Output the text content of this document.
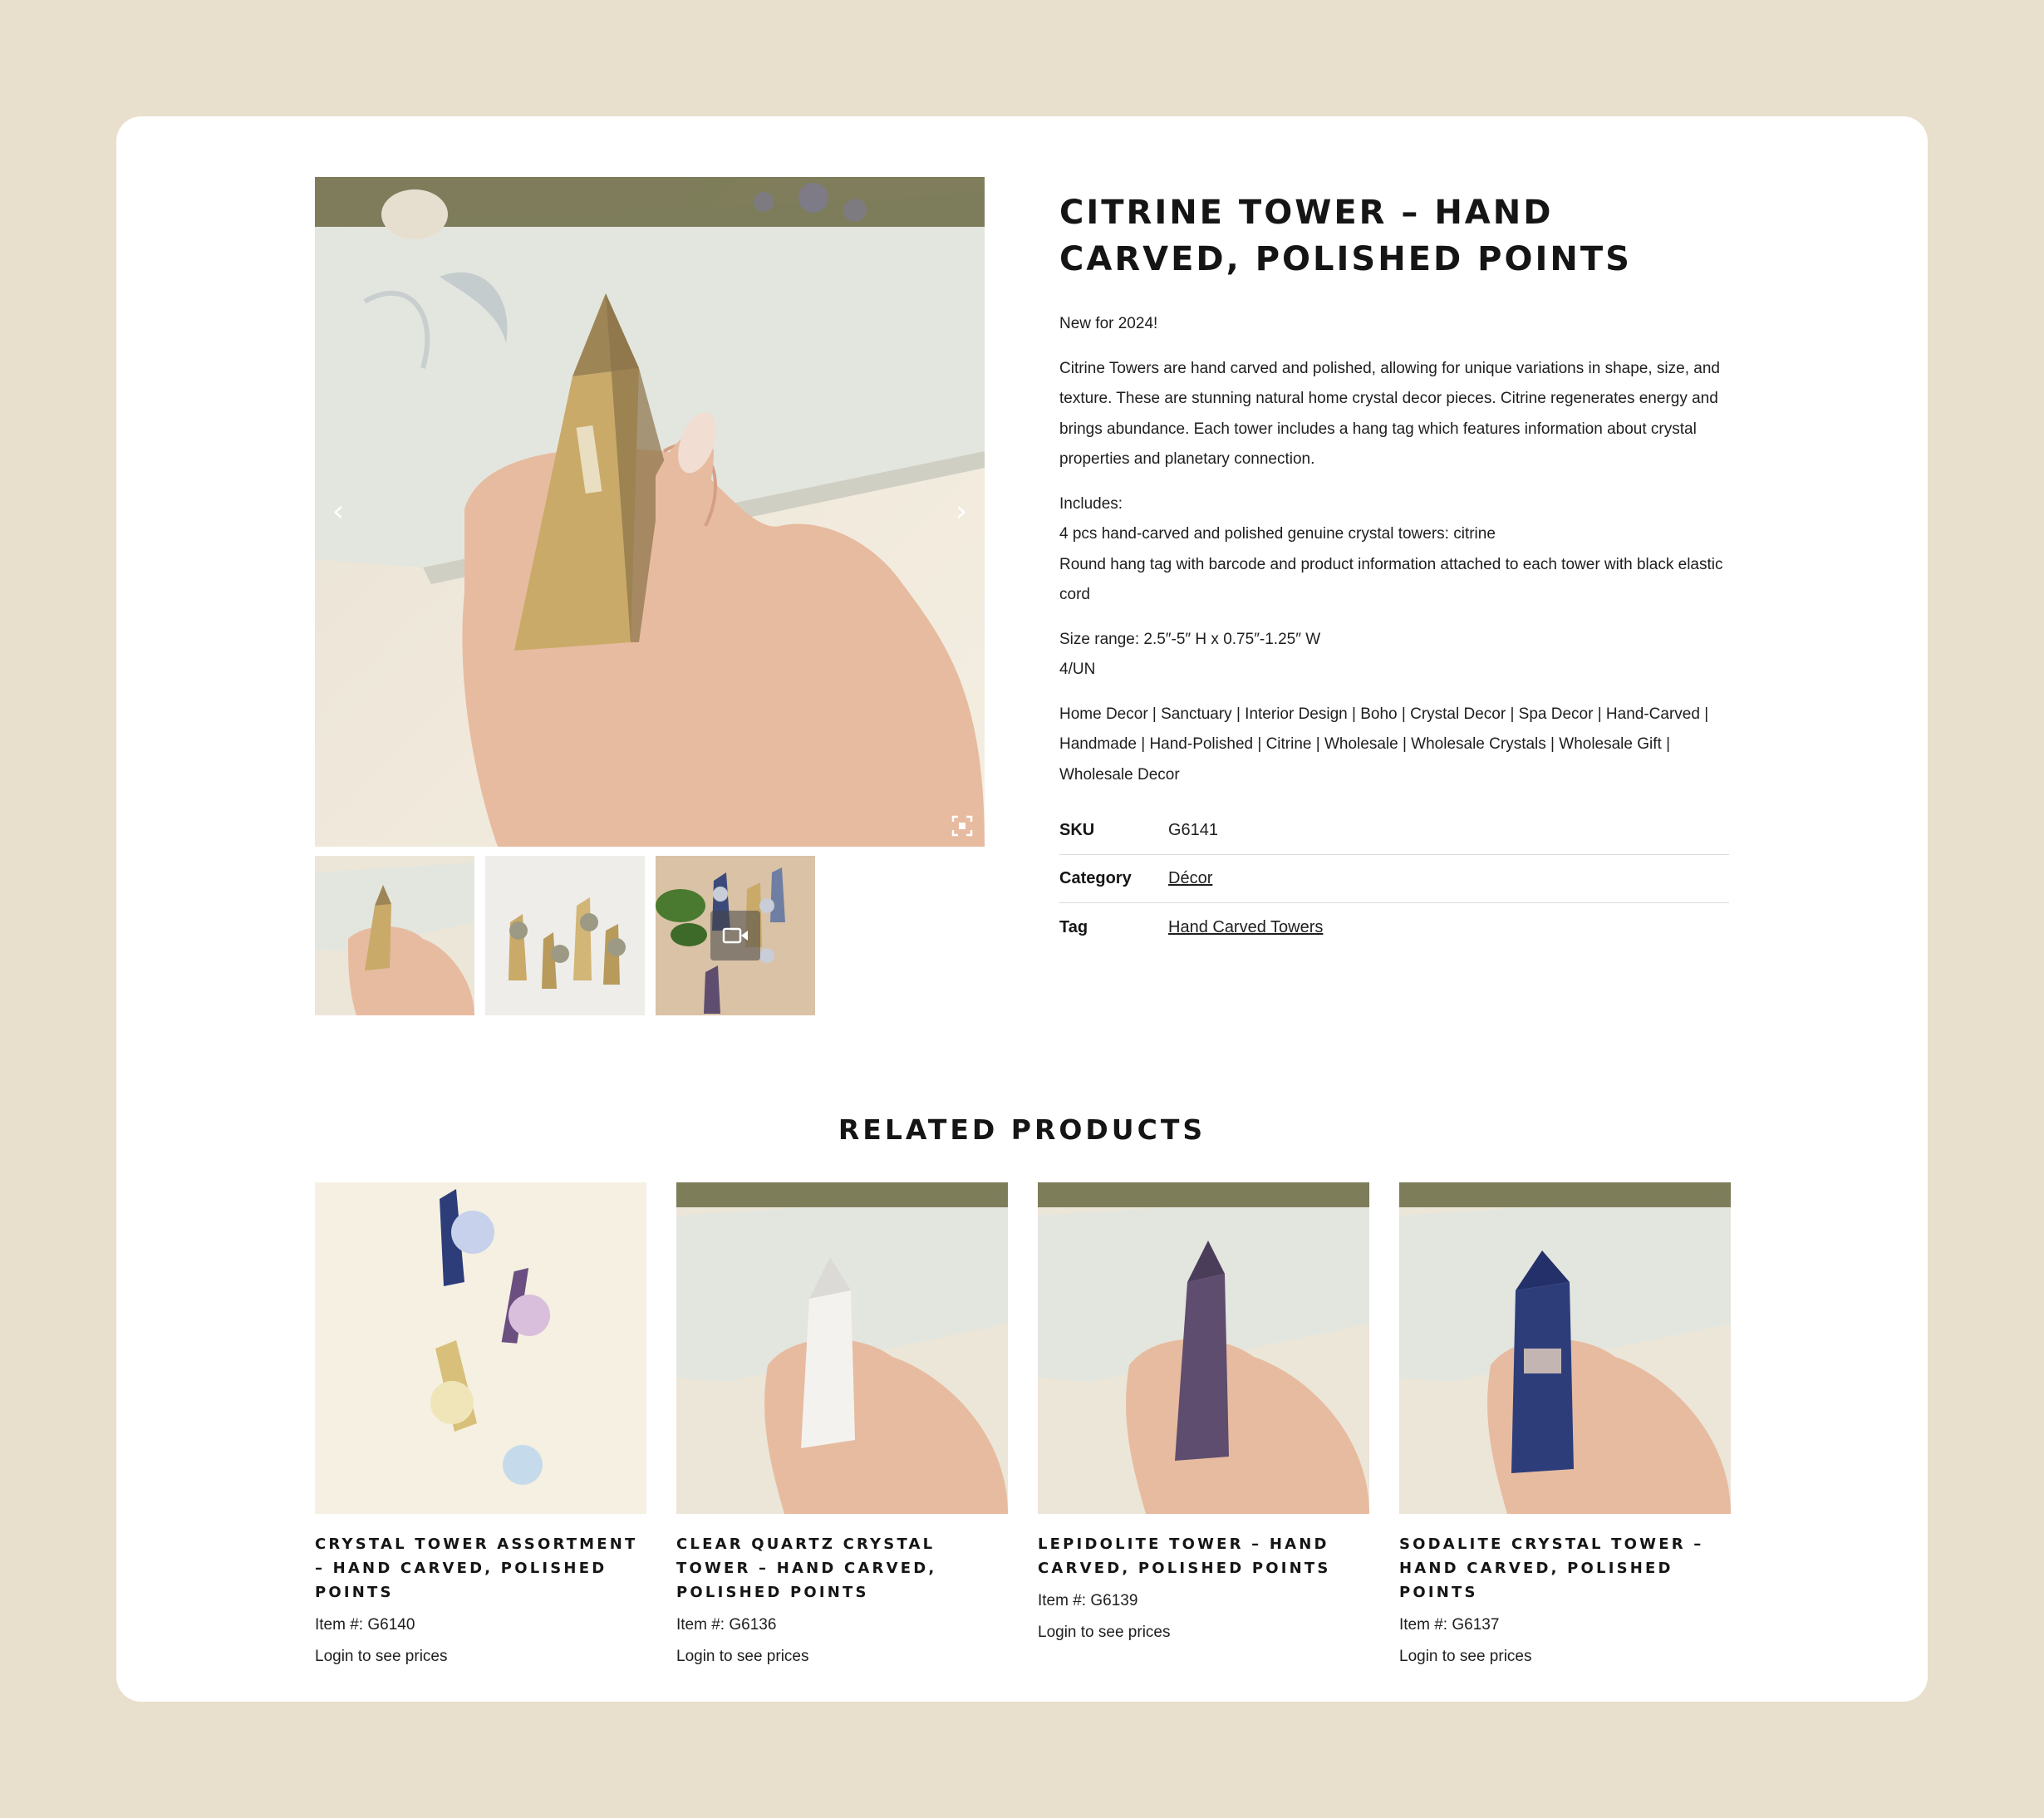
‹	›
CITRINE TOWER – HAND CARVED, POLISHED POINTS

New for 2024!

Citrine Towers are hand carved and polished, allowing for unique variations in shape, size, and texture. These are stunning natural home crystal decor pieces. Citrine regenerates energy and brings abundance. Each tower includes a hang tag which features information about crystal properties and planetary connection.

Includes:
4 pcs hand-carved and polished genuine crystal towers: citrine
Round hang tag with barcode and product information attached to each tower with black elastic cord

Size range: 2.5″-5″ H x 0.75″-1.25″ W
4/UN

Home Decor | Sanctuary | Interior Design | Boho | Crystal Decor | Spa Decor | Hand-Carved | Handmade | Hand-Polished | Citrine | Wholesale | Wholesale Crystals | Wholesale Gift | Wholesale Decor

SKU	G6141
Category	Décor
Tag	Hand Carved Towers
RELATED PRODUCTS
CRYSTAL TOWER ASSORTMENT – HAND CARVED, POLISHED POINTS
Item #: G6140
Login to see prices
CLEAR QUARTZ CRYSTAL TOWER – HAND CARVED, POLISHED POINTS
Item #: G6136
Login to see prices
LEPIDOLITE TOWER – HAND CARVED, POLISHED POINTS
Item #: G6139
Login to see prices
SODALITE CRYSTAL TOWER – HAND CARVED, POLISHED POINTS
Item #: G6137
Login to see prices
